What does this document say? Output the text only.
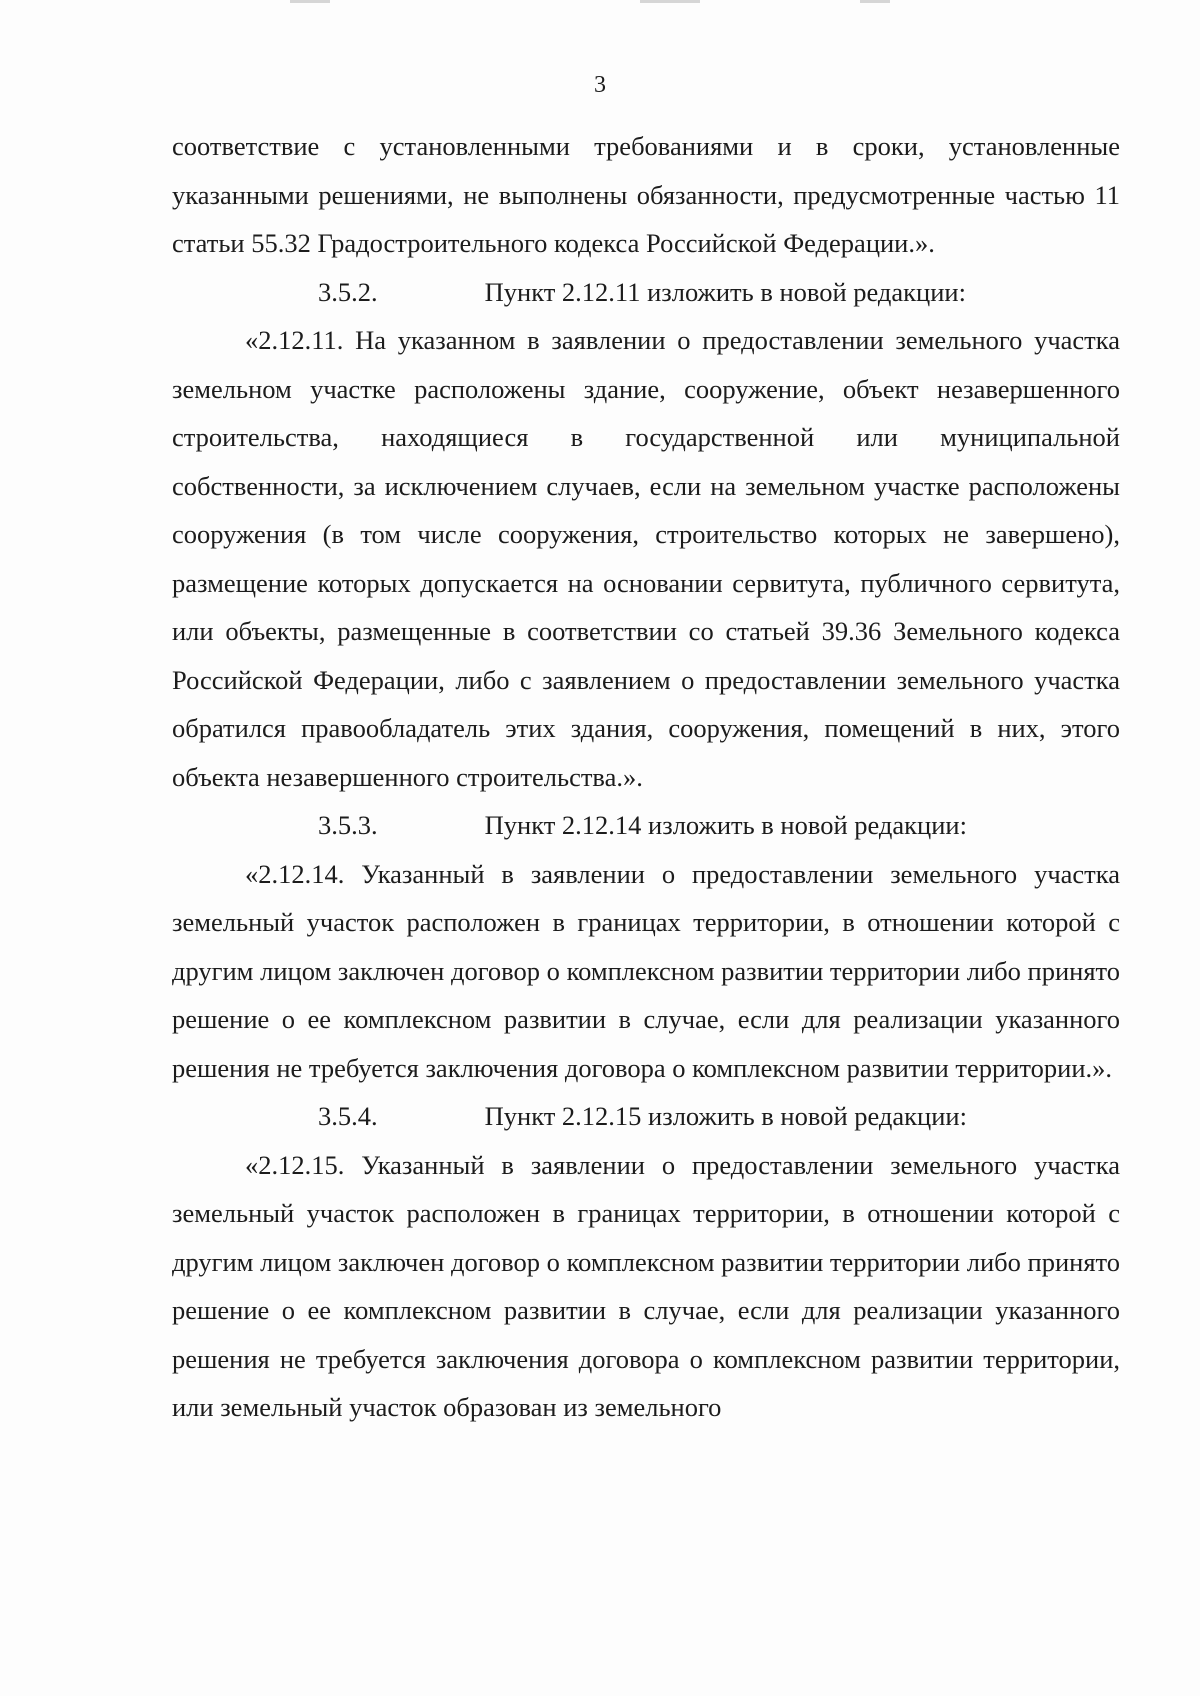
3

соответствие с установленными требованиями и в сроки, установленные указанными решениями, не выполнены обязанности, предусмотренные частью 11 статьи 55.32 Градостроительного кодекса Российской Федерации.».

3.5.2.	Пункт 2.12.11 изложить в новой редакции:

«2.12.11. На указанном в заявлении о предоставлении земельного участка земельном участке расположены здание, сооружение, объект незавершенного строительства, находящиеся в государственной или муниципальной собственности, за исключением случаев, если на земельном участке расположены сооружения (в том числе сооружения, строительство которых не завершено), размещение которых допускается на основании сервитута, публичного сервитута, или объекты, размещенные в соответствии со статьей 39.36 Земельного кодекса Российской Федерации, либо с заявлением о предоставлении земельного участка обратился правообладатель этих здания, сооружения, помещений в них, этого объекта незавершенного строительства.».

3.5.3.	Пункт 2.12.14 изложить в новой редакции:

«2.12.14. Указанный в заявлении о предоставлении земельного участка земельный участок расположен в границах территории, в отношении которой с другим лицом заключен договор о комплексном развитии территории либо принято решение о ее комплексном развитии в случае, если для реализации указанного решения не требуется заключения договора о комплексном развитии территории.».

3.5.4.	Пункт 2.12.15 изложить в новой редакции:

«2.12.15. Указанный в заявлении о предоставлении земельного участка земельный участок расположен в границах территории, в отношении которой с другим лицом заключен договор о комплексном развитии территории либо принято решение о ее комплексном развитии в случае, если для реализации указанного решения не требуется заключения договора о комплексном развитии территории, или земельный участок образован из земельного
